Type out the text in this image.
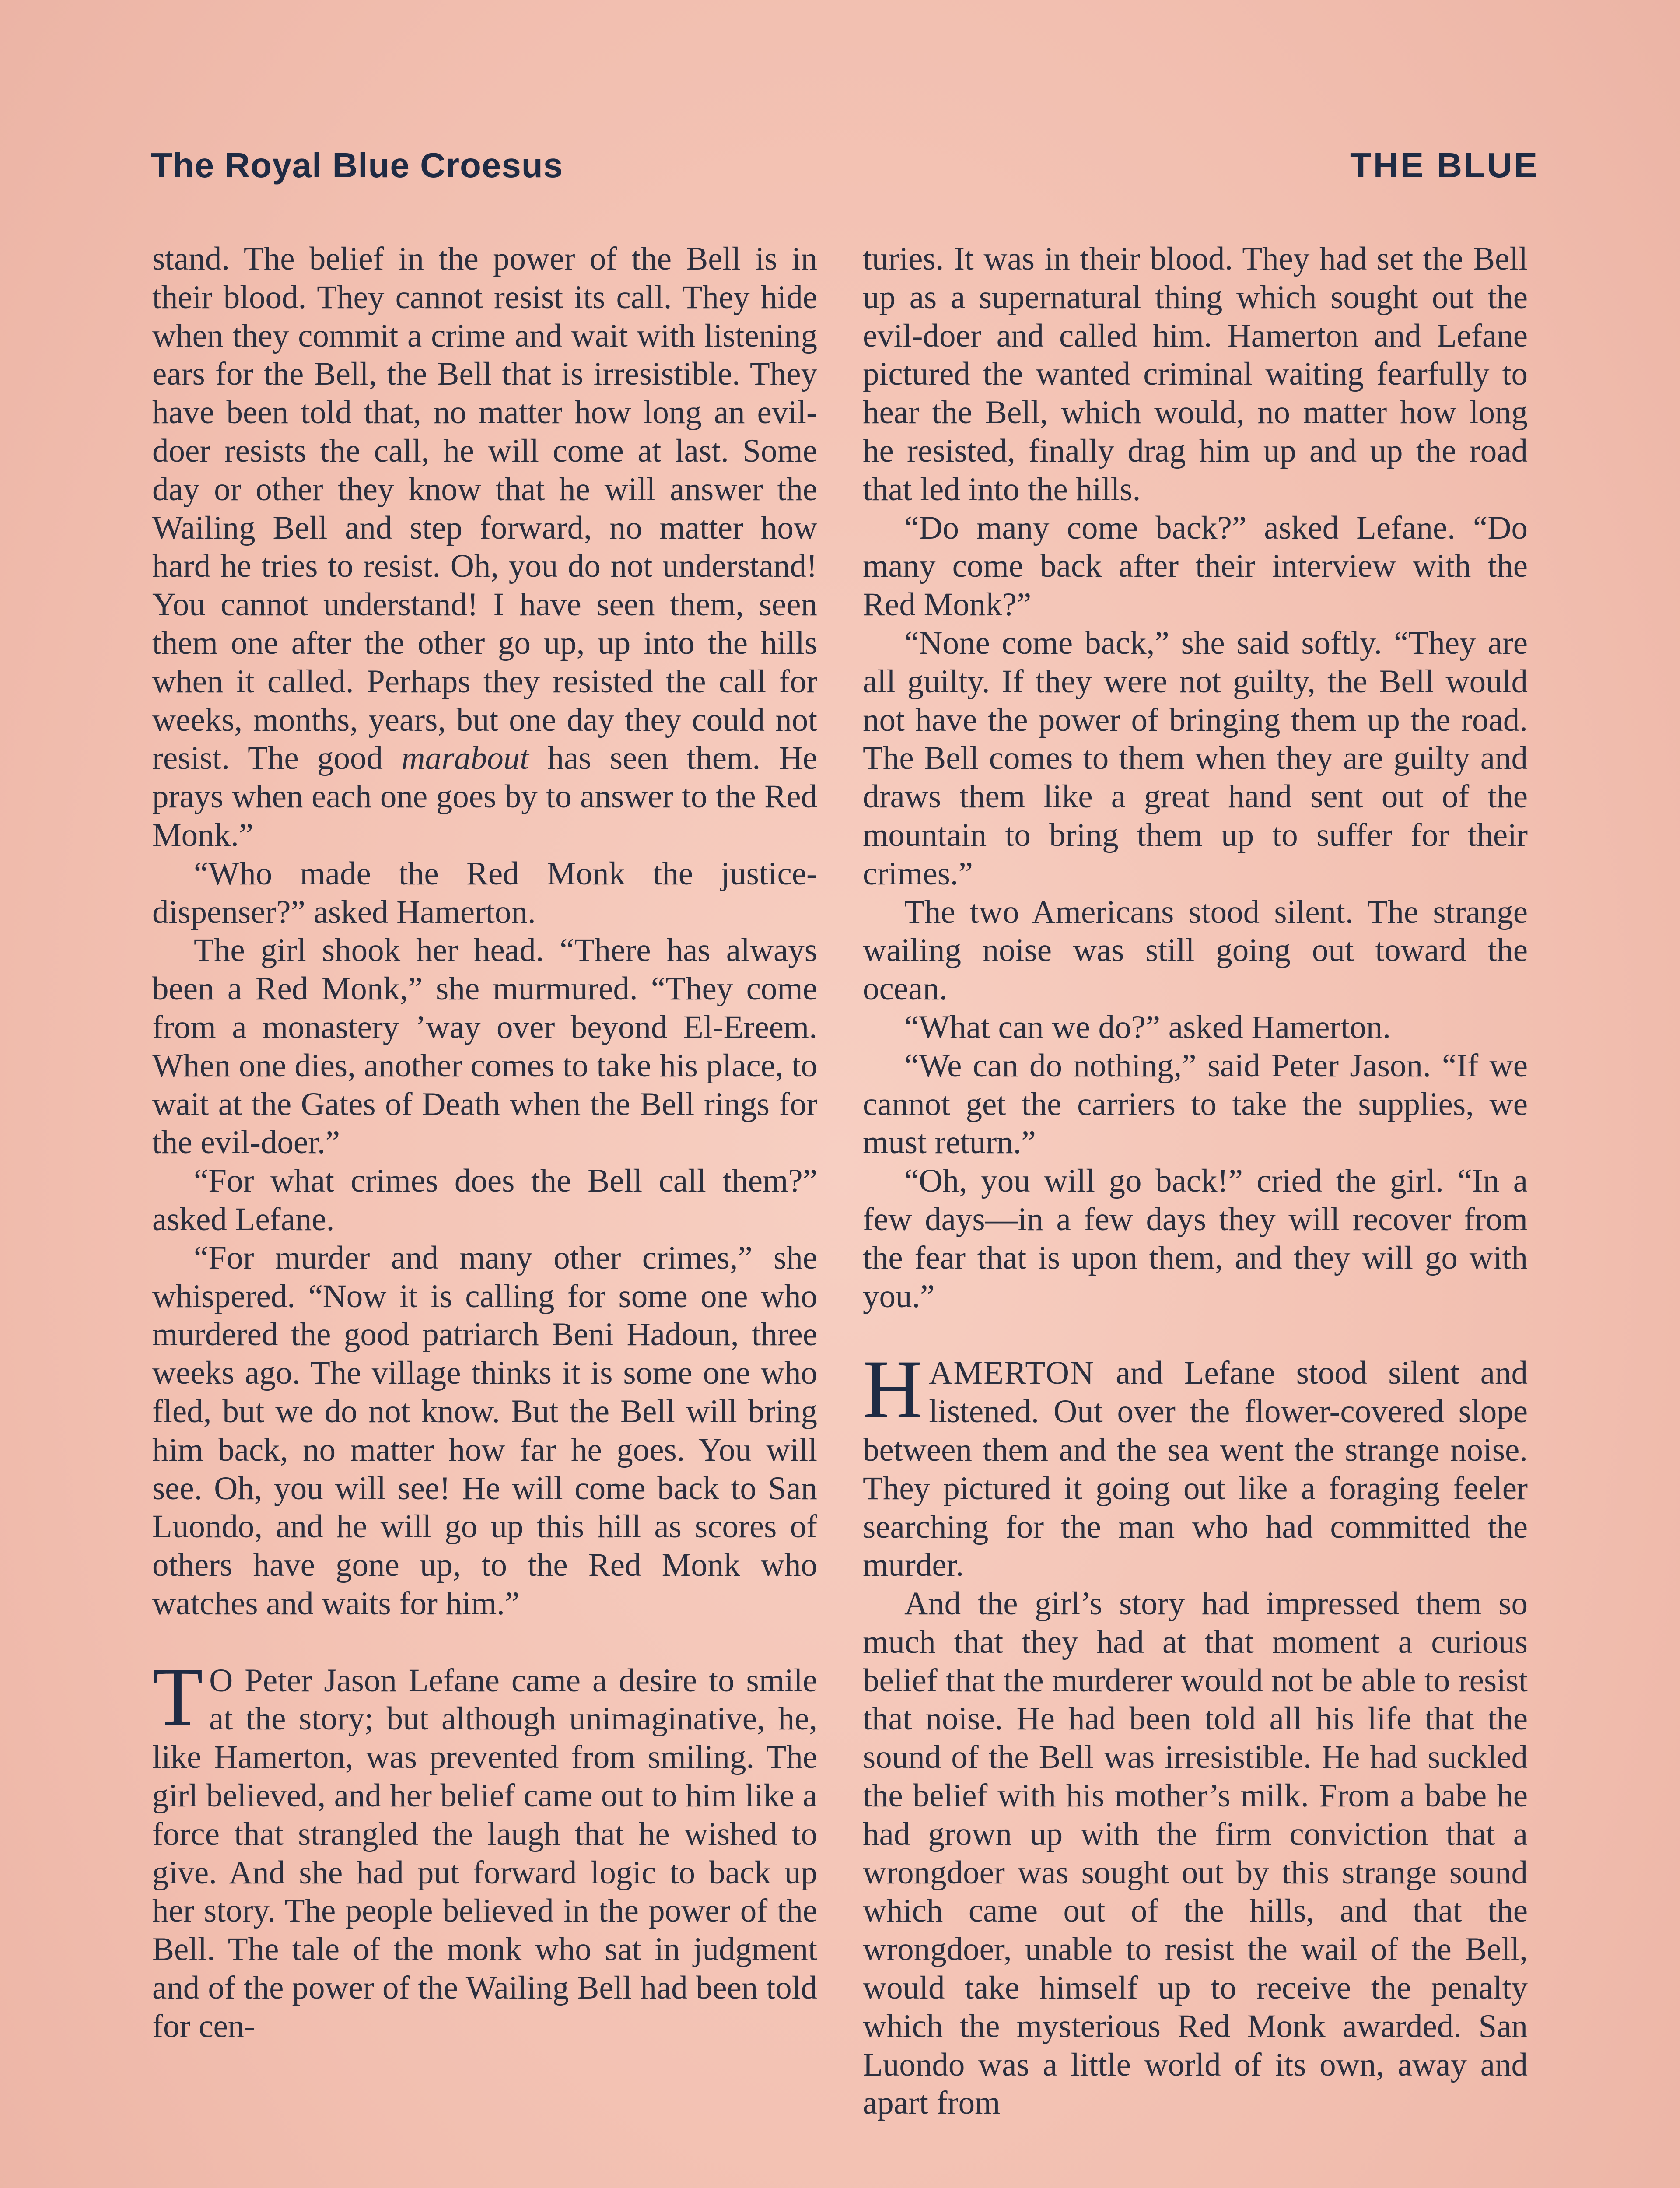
The Royal Blue Croesus	THE BLUE

stand. The belief in the power of the Bell is in their blood. They cannot resist its call. They hide when they commit a crime and wait with listening ears for the Bell, the Bell that is irresistible. They have been told that, no matter how long an evil-doer resists the call, he will come at last. Some day or other they know that he will answer the Wailing Bell and step forward, no matter how hard he tries to resist. Oh, you do not understand! You cannot understand! I have seen them, seen them one after the other go up, up into the hills when it called. Perhaps they resisted the call for weeks, months, years, but one day they could not resist. The good marabout has seen them. He prays when each one goes by to answer to the Red Monk.”

“Who made the Red Monk the justice-dispenser?” asked Hamerton.

The girl shook her head. “There has always been a Red Monk,” she murmured. “They come from a monastery ’way over beyond El-Ereem. When one dies, another comes to take his place, to wait at the Gates of Death when the Bell rings for the evil-doer.”

“For what crimes does the Bell call them?” asked Lefane.

“For murder and many other crimes,” she whispered. “Now it is calling for some one who murdered the good patriarch Beni Hadoun, three weeks ago. The village thinks it is some one who fled, but we do not know. But the Bell will bring him back, no matter how far he goes. You will see. Oh, you will see! He will come back to San Luondo, and he will go up this hill as scores of others have gone up, to the Red Monk who watches and waits for him.”

T O Peter Jason Lefane came a desire to smile at the story; but although unimaginative, he, like Hamerton, was prevented from smiling. The girl believed, and her belief came out to him like a force that strangled the laugh that he wished to give. And she had put forward logic to back up her story. The people believed in the power of the Bell. The tale of the monk who sat in judgment and of the power of the Wailing Bell had been told for cen-

turies. It was in their blood. They had set the Bell up as a supernatural thing which sought out the evil-doer and called him. Hamerton and Lefane pictured the wanted criminal waiting fearfully to hear the Bell, which would, no matter how long he resisted, finally drag him up and up the road that led into the hills.

“Do many come back?” asked Lefane. “Do many come back after their interview with the Red Monk?”

“None come back,” she said softly. “They are all guilty. If they were not guilty, the Bell would not have the power of bringing them up the road. The Bell comes to them when they are guilty and draws them like a great hand sent out of the mountain to bring them up to suffer for their crimes.”

The two Americans stood silent. The strange wailing noise was still going out toward the ocean.

“What can we do?” asked Hamerton.

“We can do nothing,” said Peter Jason. “If we cannot get the carriers to take the supplies, we must return.”

“Oh, you will go back!” cried the girl. “In a few days—in a few days they will recover from the fear that is upon them, and they will go with you.”

HAMERTON and Lefane stood silent and listened. Out over the flower-covered slope between them and the sea went the strange noise. They pictured it going out like a foraging feeler searching for the man who had committed the murder.

And the girl’s story had impressed them so much that they had at that moment a curious belief that the murderer would not be able to resist that noise. He had been told all his life that the sound of the Bell was irresistible. He had suckled the belief with his mother’s milk. From a babe he had grown up with the firm conviction that a wrongdoer was sought out by this strange sound which came out of the hills, and that the wrongdoer, unable to resist the wail of the Bell, would take himself up to receive the penalty which the mysterious Red Monk awarded. San Luondo was a little world of its own, away and apart from
